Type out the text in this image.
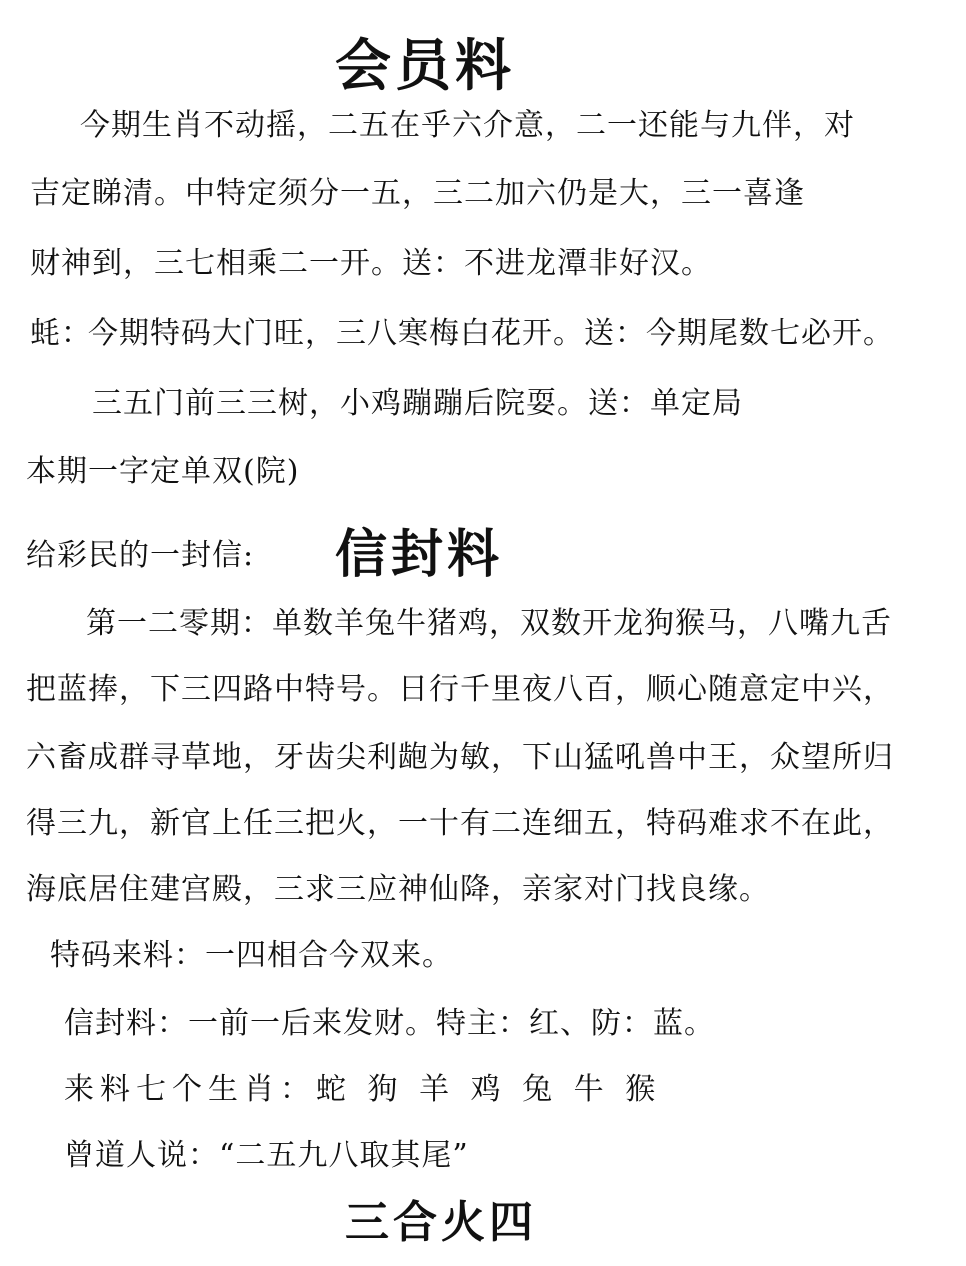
会员料
今期生肖不动摇，二五在乎六介意，二一还能与九伴，对
吉定睇清。中特定须分一五，三二加六仍是大，三一喜逢
财神到，三七相乘二一开。送：不进龙潭非好汉。
蚝：
今期特码大门旺，三八寒梅白花开。送：今期尾数七必开。
三五门前三三树，小鸡蹦蹦后院耍。送：单定局
本期一字定单双(院)
给彩民的一封信: 信封料
第一二零期：单数羊兔牛猪鸡，双数开龙狗猴马，八嘴九舌
把蓝捧，下三四路中特号。日行千里夜八百，顺心随意定中兴，
六畜成群寻草地，牙齿尖利龅为敏，下山猛吼兽中王，众望所归
得三九，新官上任三把火，一十有二连细五，特码难求不在此，
海底居住建宫殿，三求三应神仙降，亲家对门找良缘。
特码来料：一四相合今双来。
信封料：一前一后来发财。特主：红、防：蓝。
来料七个生肖：蛇 狗 羊 鸡 兔 牛 猴
曾道人说：“二五九八取其尾”
三合火四
